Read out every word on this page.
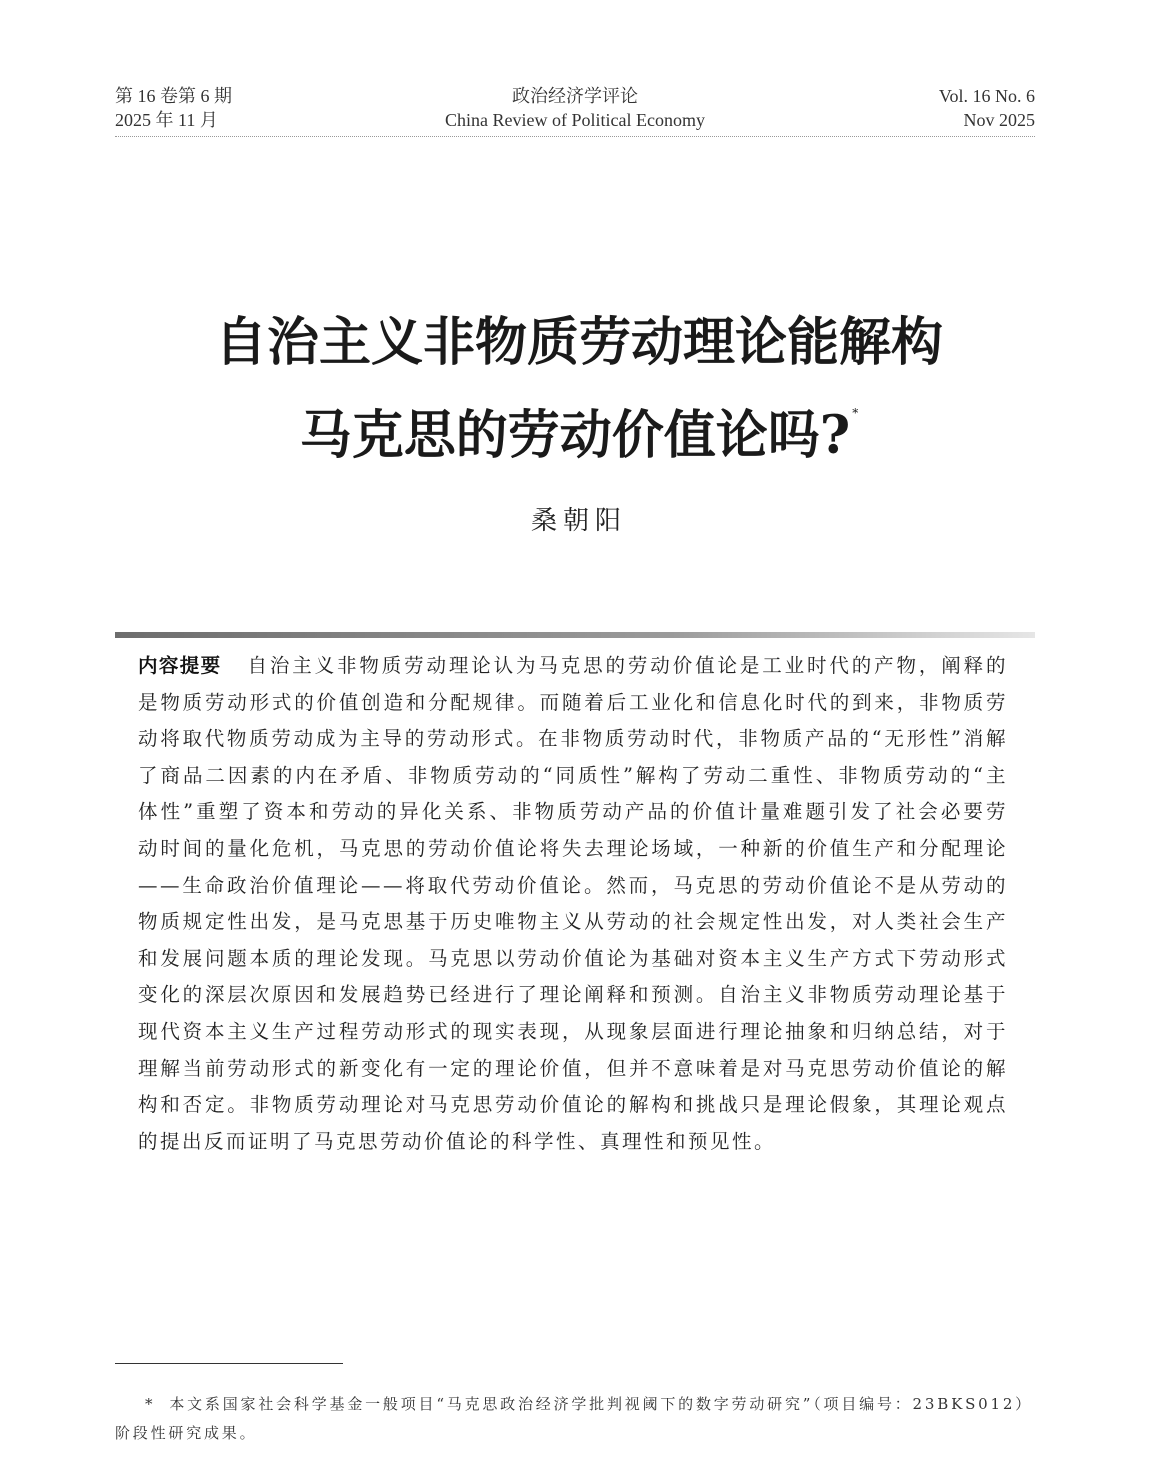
第 16 卷第 6 期
2025 年 11 月
政治经济学评论
China Review of Political Economy
Vol. 16 No. 6
Nov 2025
自治主义非物质劳动理论能解构
马克思的劳动价值论吗? *
桑朝阳
内容提要 自治主义非物质劳动理论认为马克思的劳动价值论是工业时代的产物，阐释的是物质劳动形式的价值创造和分配规律。而随着后工业化和信息化时代的到来，非物质劳动将取代物质劳动成为主导的劳动形式。在非物质劳动时代，非物质产品的“无形性”消解了商品二因素的内在矛盾、非物质劳动的“同质性”解构了劳动二重性、非物质劳动的“主体性”重塑了资本和劳动的异化关系、非物质劳动产品的价值计量难题引发了社会必要劳动时间的量化危机，马克思的劳动价值论将失去理论场域，一种新的价值生产和分配理论——生命政治价值理论——将取代劳动价值论。然而，马克思的劳动价值论不是从劳动的物质规定性出发，是马克思基于历史唯物主义从劳动的社会规定性出发，对人类社会生产和发展问题本质的理论发现。马克思以劳动价值论为基础对资本主义生产方式下劳动形式变化的深层次原因和发展趋势已经进行了理论阐释和预测。自治主义非物质劳动理论基于现代资本主义生产过程劳动形式的现实表现，从现象层面进行理论抽象和归纳总结，对于理解当前劳动形式的新变化有一定的理论价值，但并不意味着是对马克思劳动价值论的解构和否定。非物质劳动理论对马克思劳动价值论的解构和挑战只是理论假象，其理论观点的提出反而证明了马克思劳动价值论的科学性、真理性和预见性。
* 本文系国家社会科学基金一般项目“马克思政治经济学批判视阈下的数字劳动研究”（项目编号：23BKS012）阶段性研究成果。
